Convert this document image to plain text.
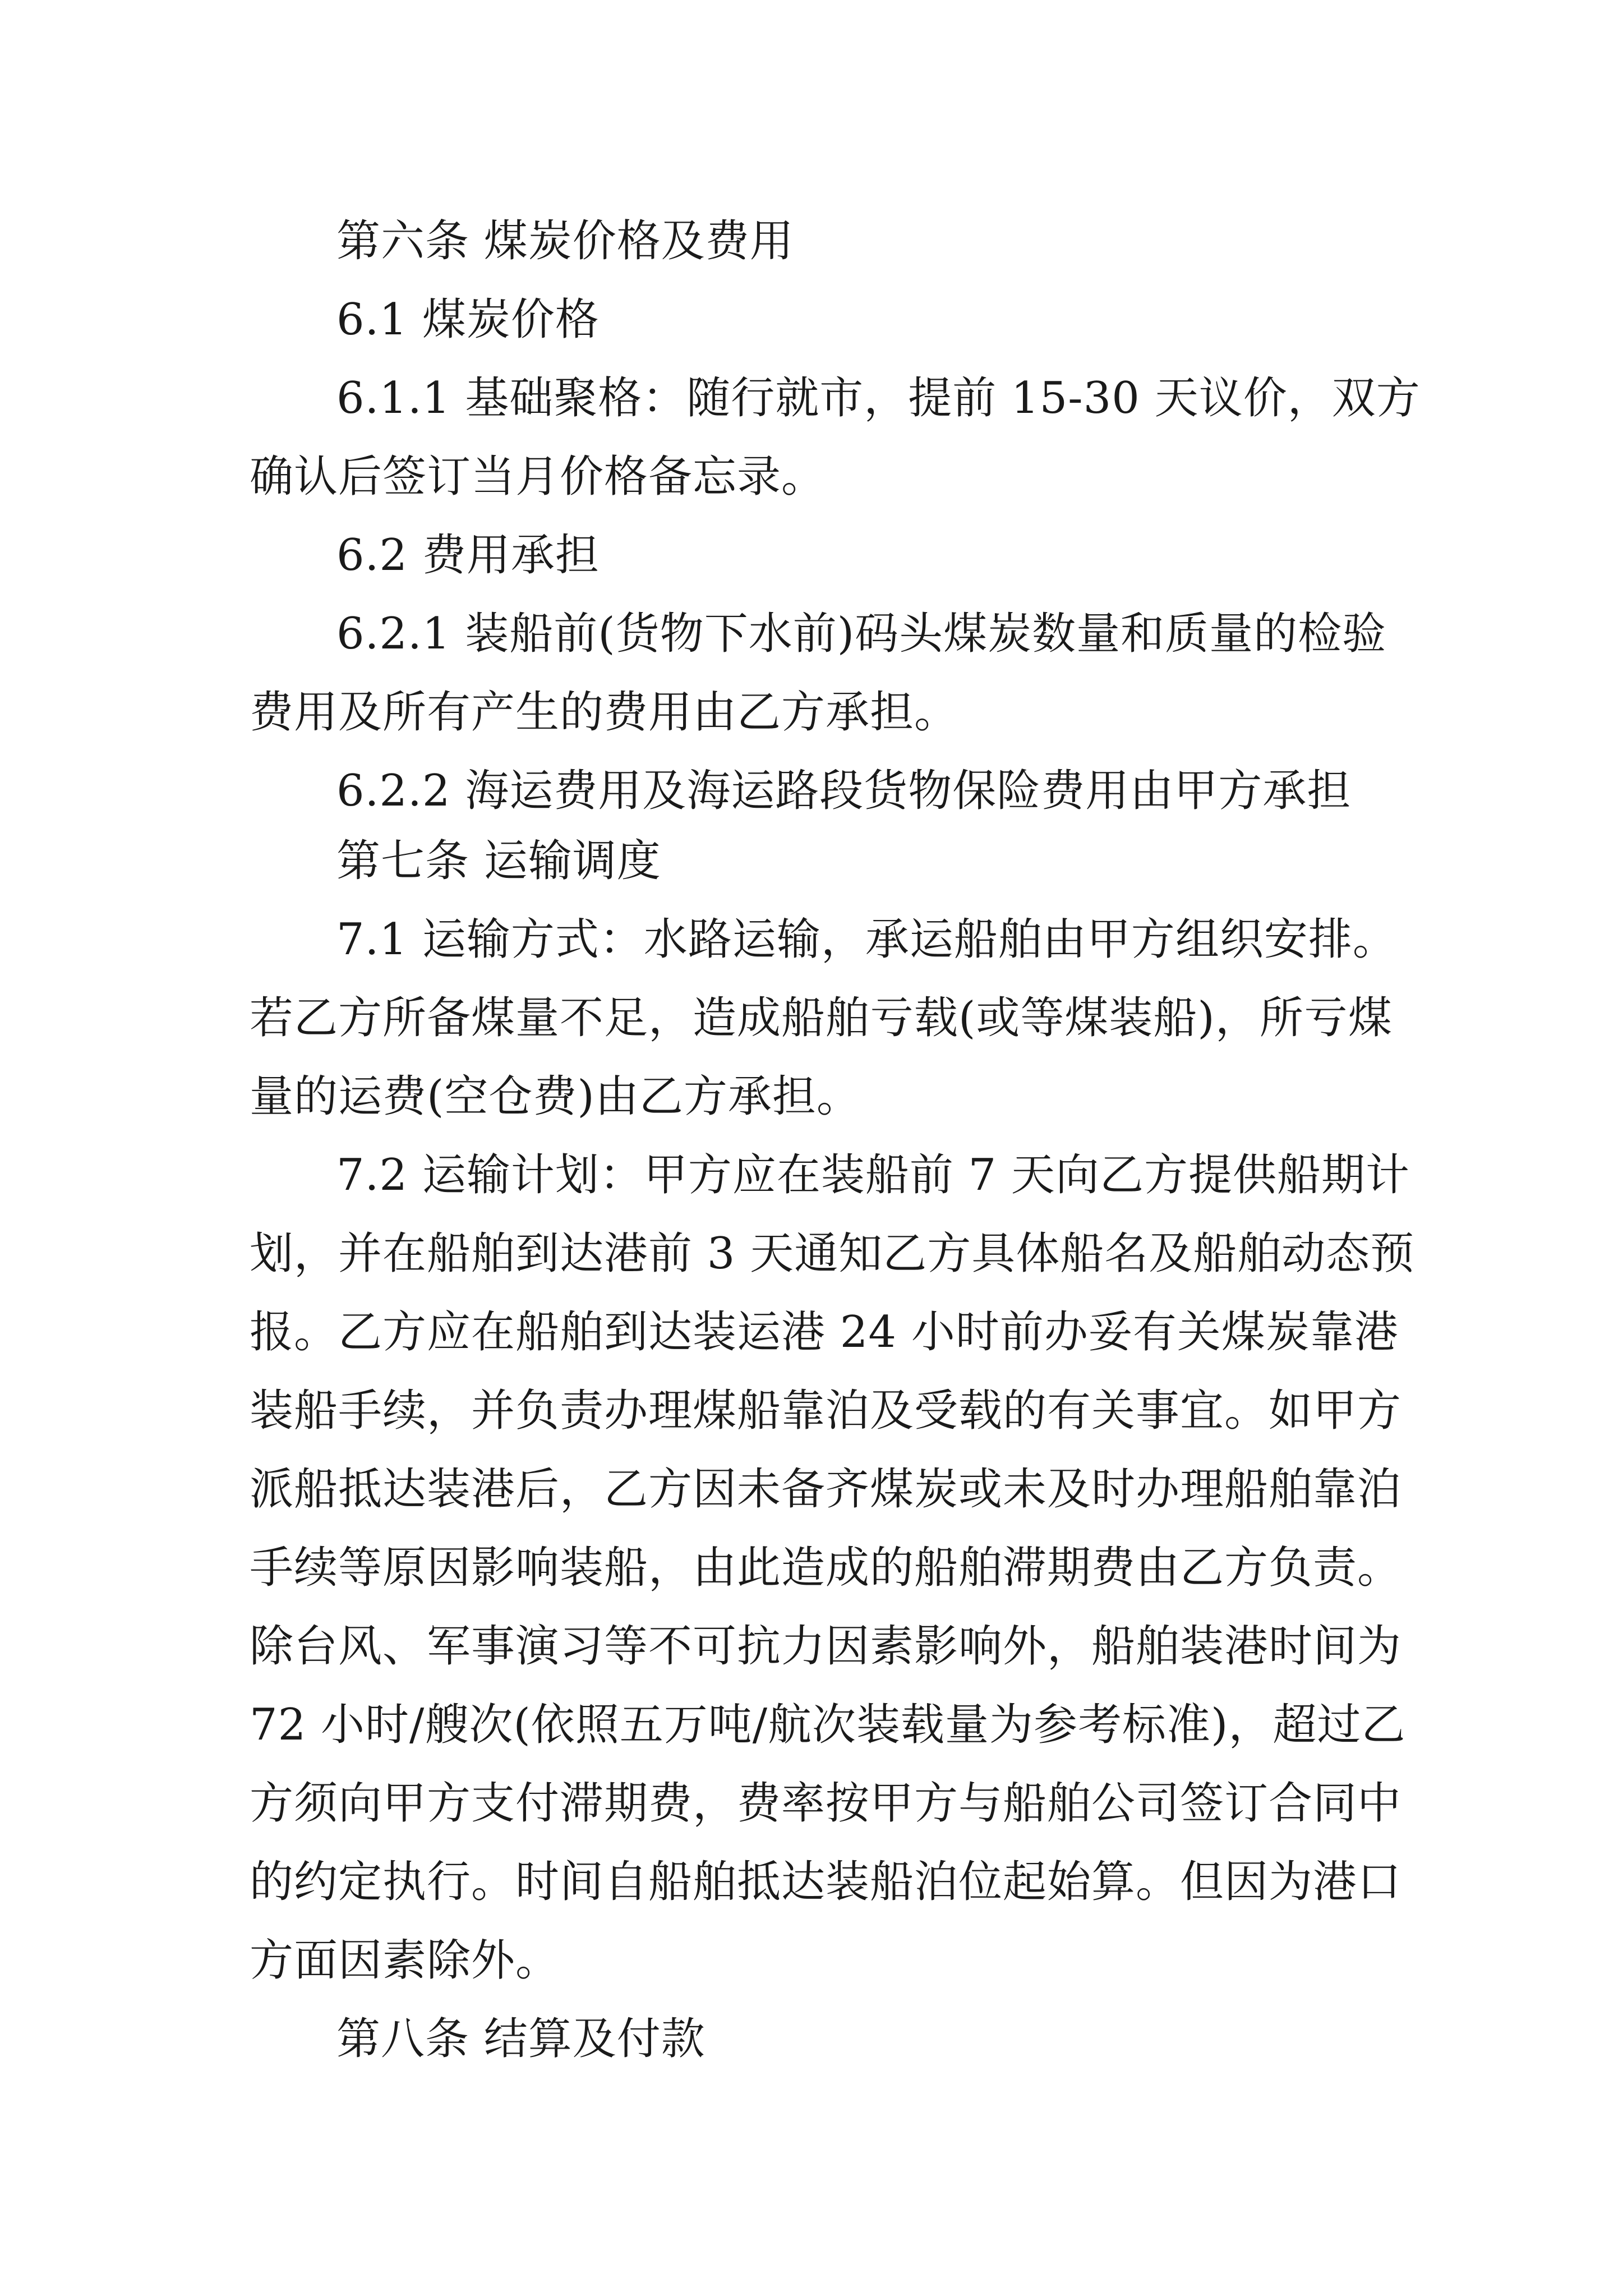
第六条 煤炭价格及费用

6.1 煤炭价格

6.1.1 基础聚格：随行就市，提前 15-30 天议价，双方

确认后签订当月价格备忘录。

6.2 费用承担

6.2.1 装船前(货物下水前)码头煤炭数量和质量的检验

费用及所有产生的费用由乙方承担。

6.2.2 海运费用及海运路段货物保险费用由甲方承担

第七条 运输调度

7.1 运输方式：水路运输，承运船舶由甲方组织安排。

若乙方所备煤量不足，造成船舶亏载(或等煤装船)，所亏煤

量的运费(空仓费)由乙方承担。

7.2 运输计划：甲方应在装船前 7 天向乙方提供船期计

划，并在船舶到达港前 3 天通知乙方具体船名及船舶动态预

报。乙方应在船舶到达装运港 24 小时前办妥有关煤炭靠港

装船手续，并负责办理煤船靠泊及受载的有关事宜。如甲方

派船抵达装港后，乙方因未备齐煤炭或未及时办理船舶靠泊

手续等原因影响装船，由此造成的船舶滞期费由乙方负责。

除台风、军事演习等不可抗力因素影响外，船舶装港时间为

72 小时/艘次(依照五万吨/航次装载量为参考标准)，超过乙

方须向甲方支付滞期费，费率按甲方与船舶公司签订合同中

的约定执行。时间自船舶抵达装船泊位起始算。但因为港口

方面因素除外。

第八条 结算及付款
